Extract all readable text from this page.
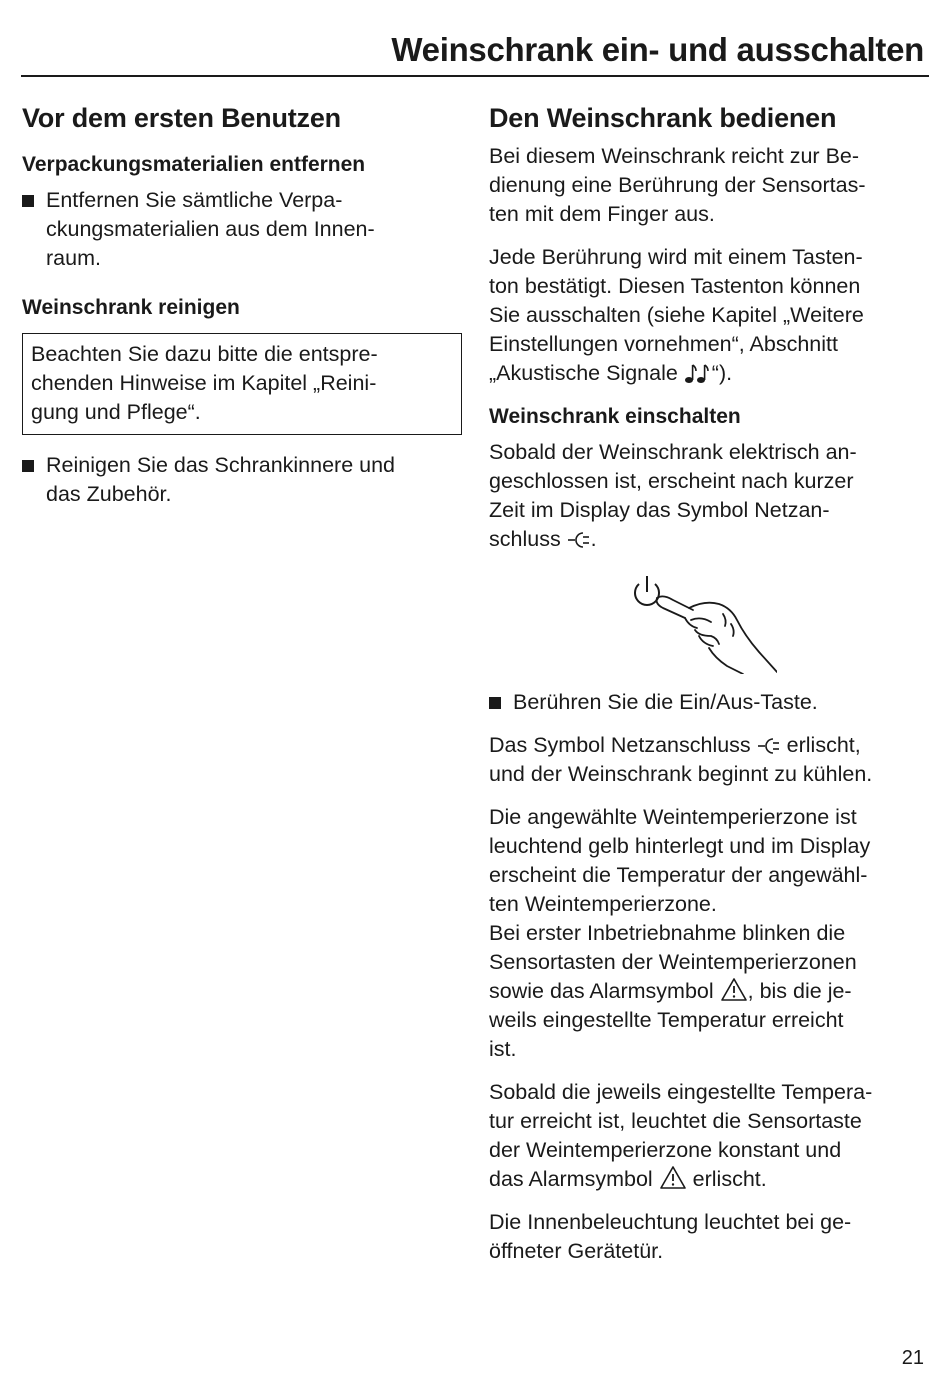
Weinschrank ein- und ausschalten
Vor dem ersten Benutzen
Verpackungsmaterialien entfernen
Entfernen Sie sämtliche Verpa-
ckungsmaterialien aus dem Innen-
raum.
Weinschrank reinigen
Beachten Sie dazu bitte die entspre-
chenden Hinweise im Kapitel „Reini-
gung und Pflege“.
Reinigen Sie das Schrankinnere und
das Zubehör.
Den Weinschrank bedienen

Bei diesem Weinschrank reicht zur Be-
dienung eine Berührung der Sensortas-
ten mit dem Finger aus.

Jede Berührung wird mit einem Tasten-
ton bestätigt. Diesen Tastenton können
Sie ausschalten (siehe Kapitel „Weitere
Einstellungen vornehmen“, Abschnitt
„Akustische Signale “).

Weinschrank einschalten

Sobald der Weinschrank elektrisch an-
geschlossen ist, erscheint nach kurzer
Zeit im Display das Symbol Netzan-
schluss .

Berühren Sie die Ein/Aus-Taste.

Das Symbol Netzanschluss  erlischt,
und der Weinschrank beginnt zu kühlen.

Die angewählte Weintemperierzone ist
leuchtend gelb hinterlegt und im Display
erscheint die Temperatur der angewähl-
ten Weintemperierzone.
Bei erster Inbetriebnahme blinken die
Sensortasten der Weintemperierzonen
sowie das Alarmsymbol , bis die je-
weils eingestellte Temperatur erreicht
ist.

Sobald die jeweils eingestellte Tempera-
tur erreicht ist, leuchtet die Sensortaste
der Weintemperierzone konstant und
das Alarmsymbol  erlischt.

Die Innenbeleuchtung leuchtet bei ge-
öffneter Gerätetür.

21
